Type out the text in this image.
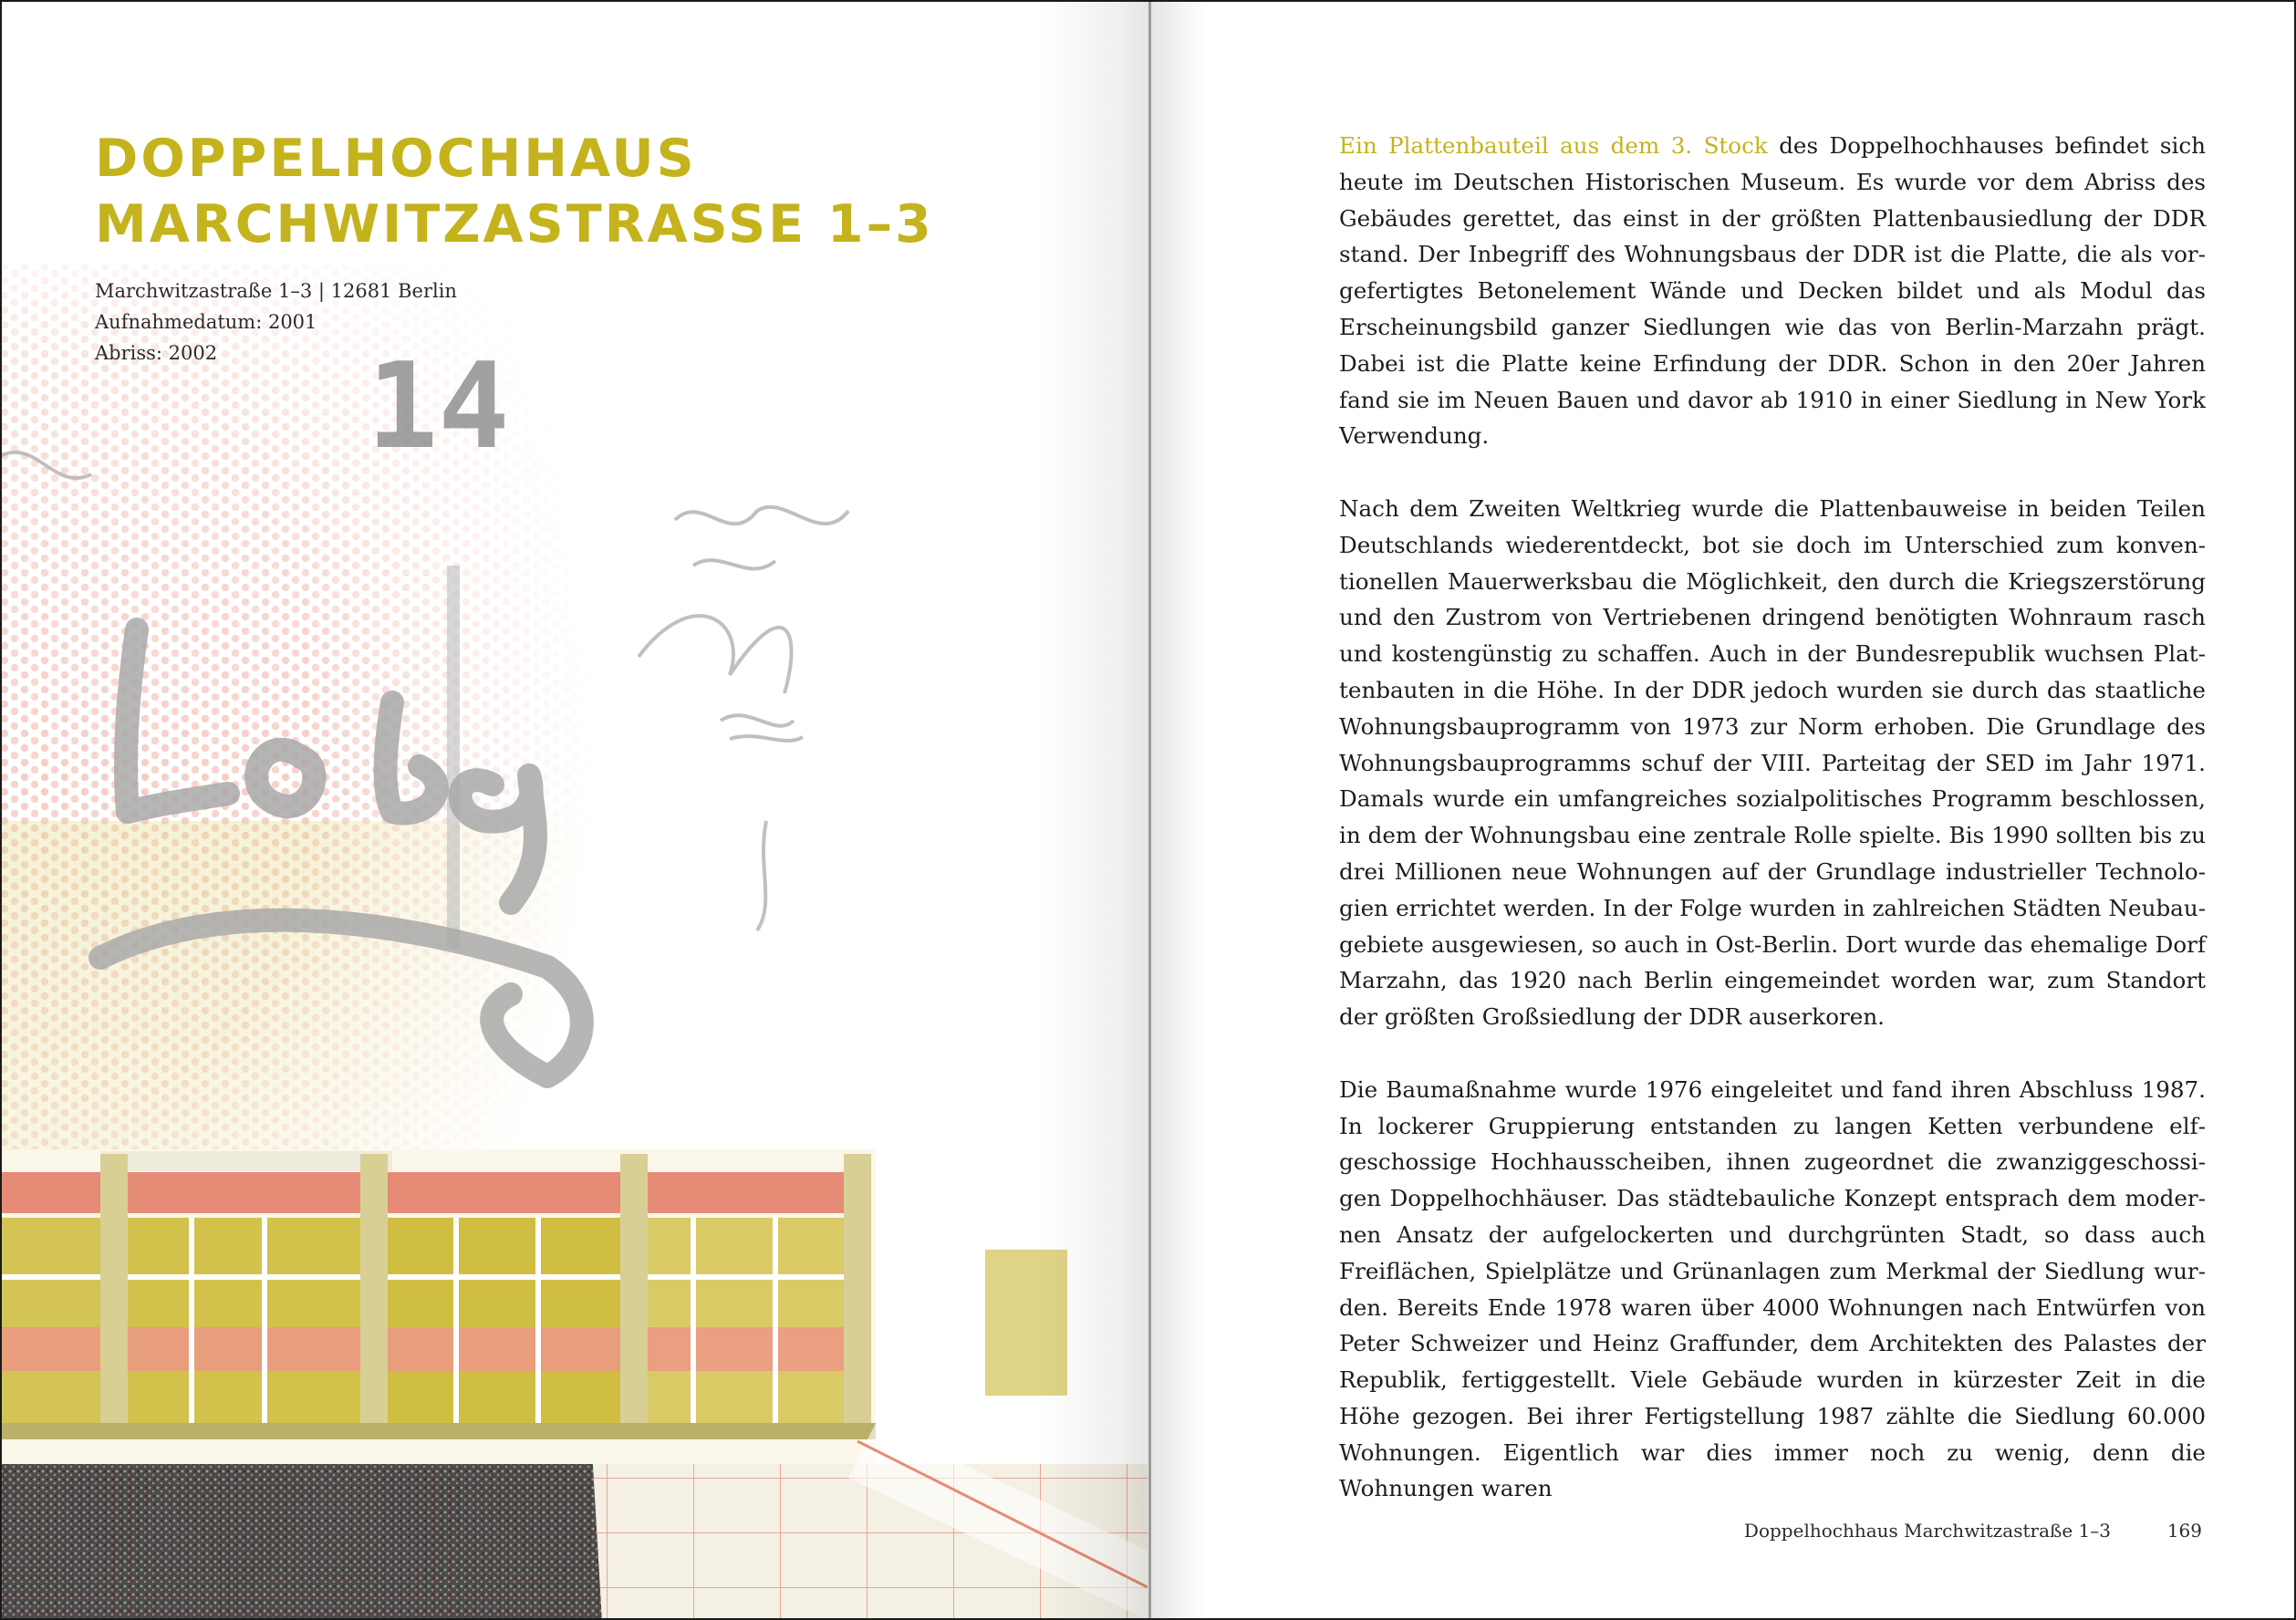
14
DOPPELHOCHHAUS
MARCHWITZASTRASSE 1–3
Marchwitzastraße 1–3 | 12681 Berlin
Aufnahmedatum: 2001
Abriss: 2002

Ein Plattenbauteil aus dem 3. Stock des Doppelhochhauses befindet sich heute im Deutschen Historischen Museum. Es wurde vor dem Abriss des Gebäudes gerettet, das einst in der größten Plattenbausiedlung der DDR stand. Der Inbegriff des Wohnungsbaus der DDR ist die Platte, die als vorgefertigtes Betonelement Wände und Decken bildet und als Modul das Erscheinungsbild ganzer Siedlungen wie das von Berlin-Marzahn prägt. Dabei ist die Platte keine Erfindung der DDR. Schon in den 20er Jahren fand sie im Neuen Bauen und davor ab 1910 in einer Siedlung in New York Verwendung.

Nach dem Zweiten Weltkrieg wurde die Plattenbauweise in beiden Teilen Deutschlands wiederentdeckt, bot sie doch im Unterschied zum konventionellen Mauerwerksbau die Möglichkeit, den durch die Kriegszerstörung und den Zustrom von Vertriebenen dringend benötigten Wohnraum rasch und kostengünstig zu schaffen. Auch in der Bundesrepublik wuchsen Plattenbauten in die Höhe. In der DDR jedoch wurden sie durch das staatliche Wohnungsbauprogramm von 1973 zur Norm erhoben. Die Grundlage des Wohnungsbauprogramms schuf der VIII. Parteitag der SED im Jahr 1971. Damals wurde ein umfangreiches sozialpolitisches Programm beschlossen, in dem der Wohnungsbau eine zentrale Rolle spielte. Bis 1990 sollten bis zu drei Millionen neue Wohnungen auf der Grundlage industrieller Technologien errichtet werden. In der Folge wurden in zahlreichen Städten Neubaugebiete ausgewiesen, so auch in Ost-Berlin. Dort wurde das ehemalige Dorf Marzahn, das 1920 nach Berlin eingemeindet worden war, zum Standort der größten Großsiedlung der DDR auserkoren.

Die Baumaßnahme wurde 1976 eingeleitet und fand ihren Abschluss 1987. In lockerer Gruppierung entstanden zu langen Ketten verbundene elfgeschossige Hochhausscheiben, ihnen zugeordnet die zwanziggeschossigen Doppelhochhäuser. Das städtebauliche Konzept entsprach dem modernen Ansatz der aufgelockerten und durchgrünten Stadt, so dass auch Freiflächen, Spielplätze und Grünanlagen zum Merkmal der Siedlung wurden. Bereits Ende 1978 waren über 4000 Wohnungen nach Entwürfen von Peter Schweizer und Heinz Graffunder, dem Architekten des Palastes der Republik, fertiggestellt. Viele Gebäude wurden in kürzester Zeit in die Höhe gezogen. Bei ihrer Fertigstellung 1987 zählte die Siedlung 60.000 Wohnungen. Eigentlich war dies immer noch zu wenig, denn die Wohnungen waren

Doppelhochhaus Marchwitzastraße 1–3	169
